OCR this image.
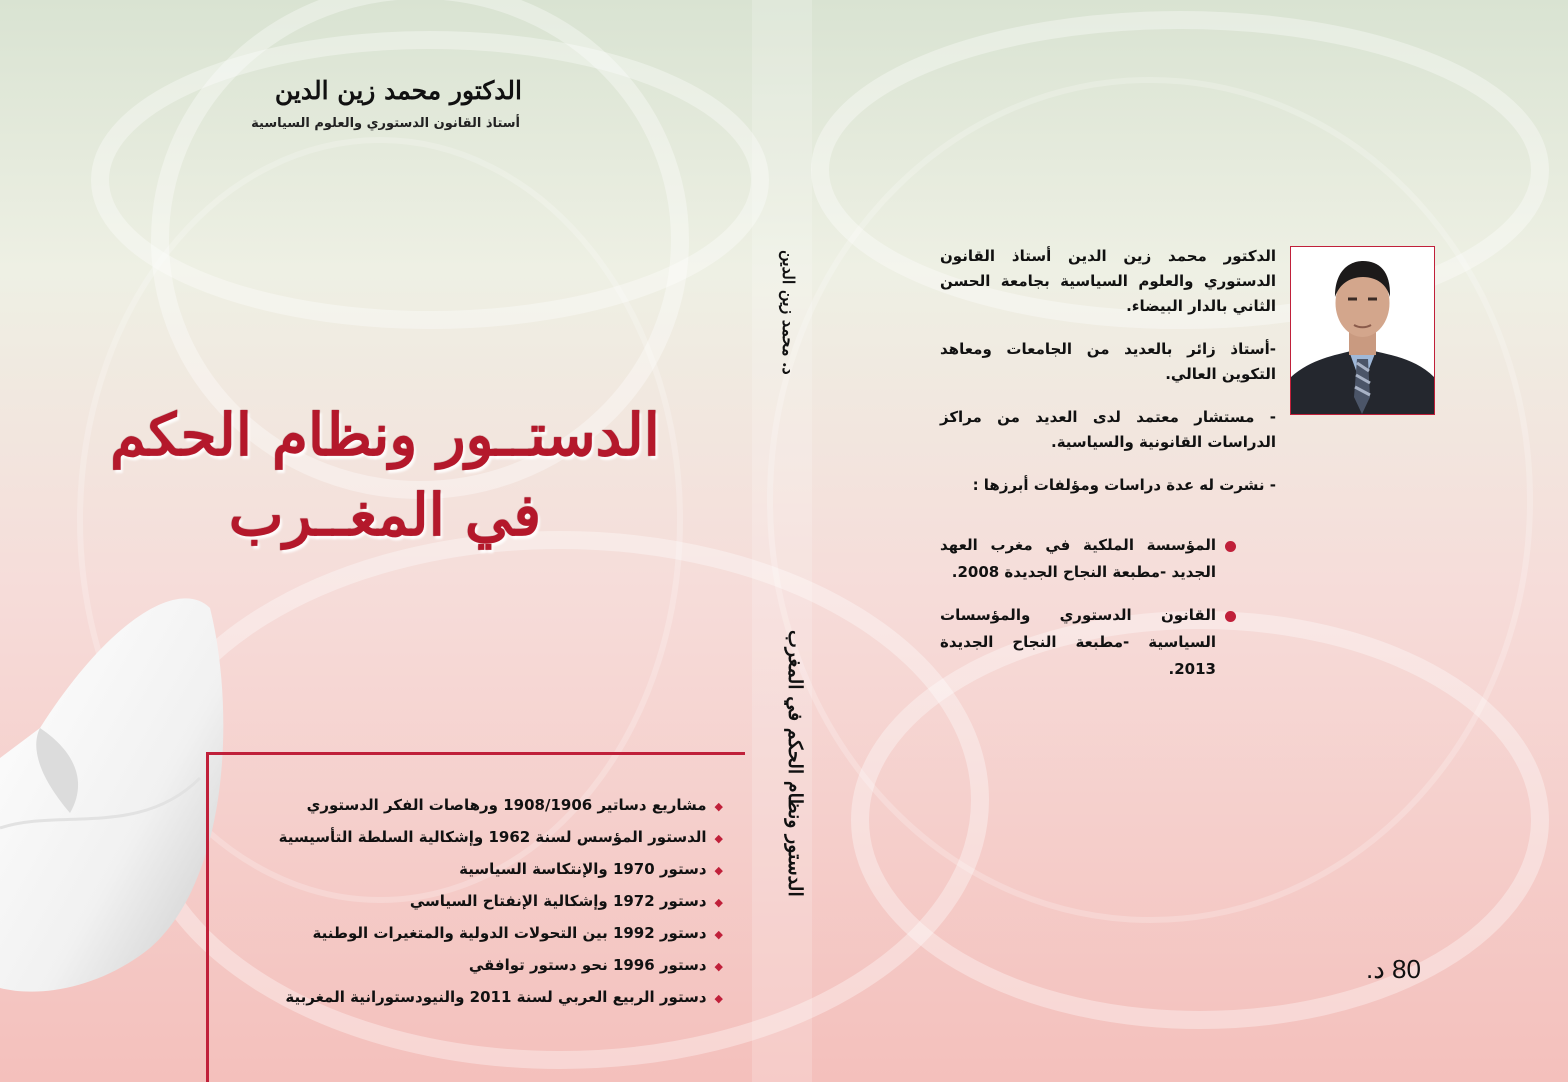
الدكتور محمد زين الدين
أستاذ القانون الدستوري والعلوم السياسية
الدستــور ونظام الحكم
في المغــرب
◆مشاريع دساتير 1908/1906 ورهاصات الفكر الدستوري
◆الدستور المؤسس لسنة 1962 وإشكالية السلطة التأسيسية
◆دستور 1970 والإنتكاسة السياسية
◆دستور 1972 وإشكالية الإنفتاح السياسي
◆دستور 1992 بين التحولات الدولية والمتغيرات الوطنية
◆دستور 1996 نحو دستور توافقي
◆دستور الربيع العربي لسنة 2011 والنيودستورانية المغربية
د. محمد زين الدين
الدستور ونظام الحكم في المغرب

الدكتور محمد زين الدين أستاذ القانون الدستوري والعلوم السياسية بجامعة الحسن الثاني بالدار البيضاء.

-أستاذ زائر بالعديد من الجامعات ومعاهد التكوين العالي.

- مستشار معتمد لدى العديد من مراكز الدراسات القانونية والسياسية.

- نشرت له عدة دراسات ومؤلفات أبرزها :

المؤسسة الملكية في مغرب العهد الجديد -مطبعة النجاح الجديدة 2008.

القانون الدستوري والمؤسسات السياسية -مطبعة النجاح الجديدة 2013.

80 د.
